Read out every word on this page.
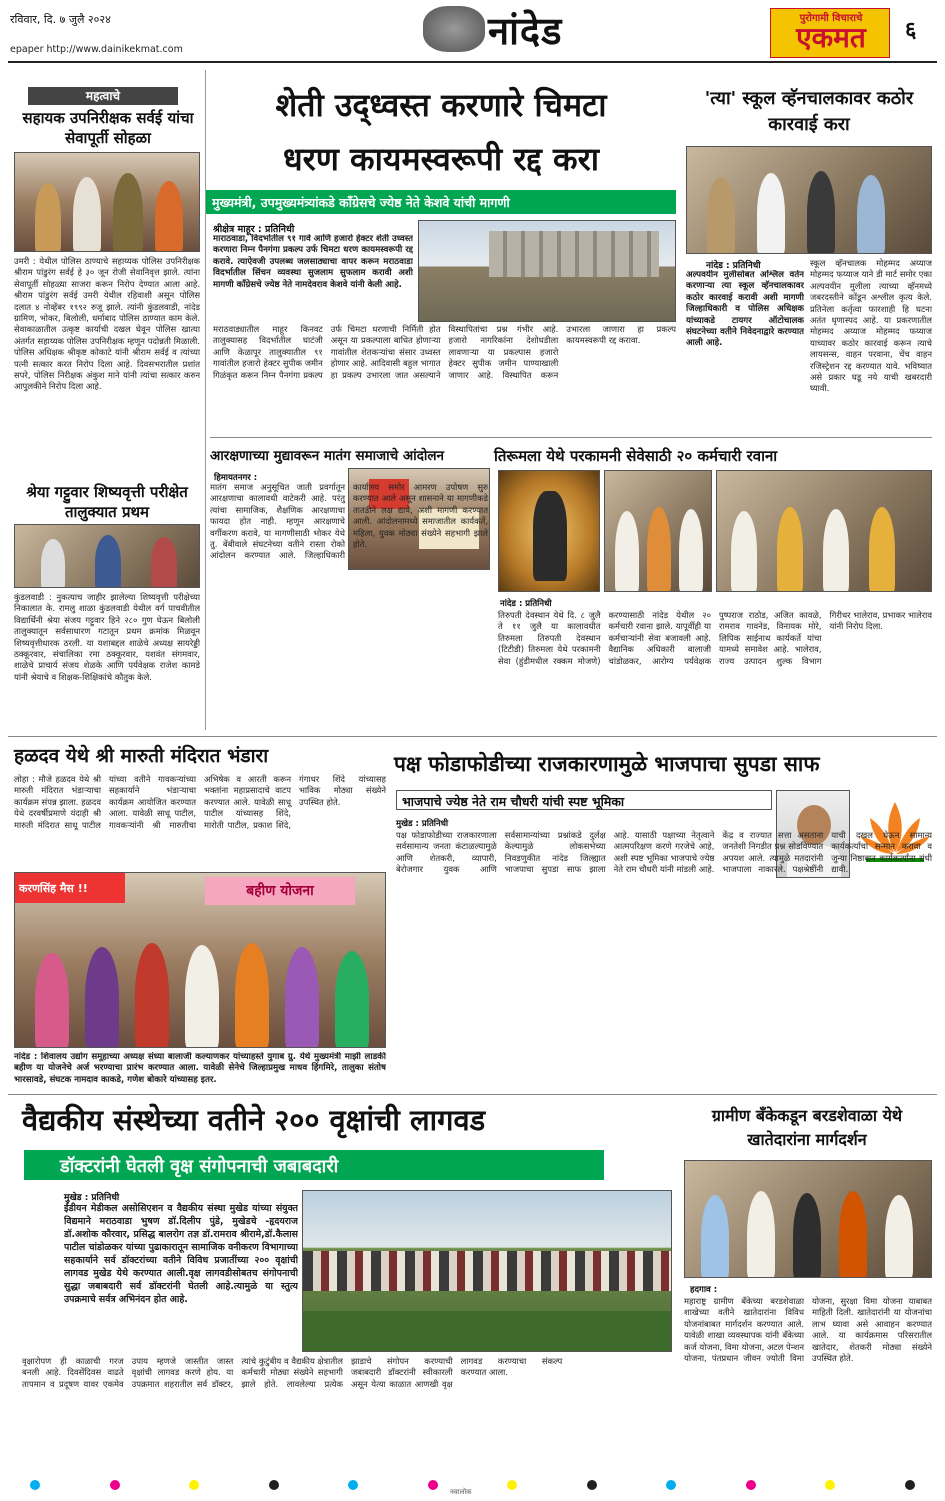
रविवार, दि. ७ जुलै २०२४
epaper http://www.dainikekmat.com	नांदेड	पुरोगामी विचाराचे
एकमत	६
महत्वाचे
सहायक उपनिरीक्षक सर्वई यांचा सेवापूर्ती सोहळा
उमरी : येथील पोलिस ठाण्याचे सहाय्यक पोलिस उपनिरीक्षक श्रीराम पांडुरंग सर्वई हे ३० जून रोजी सेवानिवृत्त झाले. त्यांना सेवापूर्ती सोहळ्या साजरा करून निरोप देण्यात आला आहे. श्रीराम पांडुरंग सर्वई उमरी येथील रहिवाशी असून पोलिस दलात ४ नोव्हेंबर १९९२ रुजू झाले. त्यांनी कुंडलवाडी, नांदेड ग्रामिण, भोकर, बिलोली, धर्माबाद पोलिस ठाण्यात काम केले. सेवाकाळातील उत्कृष्ट कार्याची दखल घेवून पोलिस खात्या अंतर्गत सहाय्यक पोलिस उपनिरीक्षक म्हणून पदोन्नती मिळाली. पोलिस अधिक्षक श्रीकृष्ट कोकाटे यांनी श्रीराम सर्वई व त्यांच्या पत्नी सत्कार करत निरोप दिला आहे. दिवसभरातील प्रशांत सपरे, पोलिस निरीक्षक अंकुश माने यांनी त्यांचा सत्कार करुन आपुलकीने निरोप दिला आहे.
श्रेया गट्टुवार शिष्यवृत्ती परीक्षेत तालुक्यात प्रथम
कुंडलवाडी : नुकत्याच जाहीर झालेल्या शिष्यवृत्ती परीक्षेच्या निकालात के. रामलु शाळा कुंडलवाडी येथील वर्ग पाचवीतील विद्यार्थिनी श्रेया संजय गट्टुवार हिने २८० गुण घेऊन बिलोली तालुक्यातून सर्वसाधारण गटातून प्रथम क्रमांक मिळवून शिष्यवृत्तीधारक ठरली. या यशाबद्दल शाळेचे अध्यक्ष सायरेड्डी ठक्कूरवार, संचालिका रमा ठक्कूरवार, यशवंत संगमवार, शाळेचे प्राचार्य संजय शेळके आणि पर्यवेक्षक राजेश कामडे यांनी श्रेयाचे व शिक्षक-शिक्षिकांचे कौतुक केले.
शेती उद्ध्वस्त करणारे चिमटा
धरण कायमस्वरूपी रद्द करा
मुख्यमंत्री, उपमुख्यमंत्र्यांकडे काँग्रेसचे ज्येष्ठ नेते केशवे यांची मागणी
श्रीक्षेत्र माहूर : प्रतिनिधी
माराठवाडा, विदर्भातील ९१ गावे आणि हजारो हेक्टर शेती उध्वस्त करणारा निम्न पैनगंगा प्रकल्प उर्फ चिमटा धरण कायमस्वरूपी रद्द करावे. त्याऐवजी उपलब्ध जलसाठ्याचा वापर करून मराठवाडा विदर्भातील सिंचन व्यवस्था सुजलाम सुफलाम करावी अशी मागणी काँग्रेसचे ज्येष्ठ नेते नामदेवराव केशवे यांनी केली आहे.
मराठवाड्यातील माहूर किनवट तालुक्यासह विदर्भातील घाटंजी आणि केळापूर तालुक्यातील ९१ गावांतील हजारो हेक्टर सुपीक जमीन गिळंकृत करून निम्न पैनगंगा प्रकल्प उर्फ चिमटा धरणाची निर्मिती होत असून या प्रकल्पाला बाधित होणाऱ्या गावांतील शेतकऱ्यांचा संसार उध्वस्त होणार आहे. आदिवासी बहुल भागात हा प्रकल्प उभारला जात असल्याने विस्थापितांचा प्रश्न गंभीर आहे. हजारो नागरिकांना देशोधडीला लावणाऱ्या या प्रकल्पास हजारो हेक्टर सुपीक जमीन पाण्याखाली जाणार आहे. विस्थापित करून उभारला जाणारा हा प्रकल्प कायमस्वरूपी रद्द करावा.
'त्या' स्कूल व्हॅनचालकावर कठोर कारवाई करा
नांदेड : प्रतिनिधी
अल्पवयीन मुलीसोबत अश्लिल वर्तन करणाऱ्या त्या स्कूल व्हॅनचालकावर कठोर कारवाई करावी अशी मागणी जिल्हाधिकारी व पोलिस अधिक्षक यांच्याकडे टायगर ऑटोचालक संघटनेच्या वतीने निवेदनाद्वारे करण्यात आली आहे.
स्कूल व्हॅनचालक मोहम्मद अय्याज मोहम्मद फय्याज याने डी मार्ट समोर एका अल्पवयीन मुलीला त्याच्या व्हॅनमध्ये जबरदस्तीने कोंडून अश्लील कृत्य केले. प्रतिनेला कर्तृत्वा फारशाही हि घटना अतंत धृणास्पद आहे. या प्रकरणातील मोहम्मद अय्याज मोहम्मद फय्याज याच्यावर कठोर कारवाई करून त्याचे लायसन्स, वाहन परवाना, चेंच वाहन रजिस्ट्रेशन रद्द करण्यात यावे. भविष्यात असे प्रकार घडू नये याची खबरदारी घ्यावी.
आरक्षणाच्या मुद्यावरून मातंग समाजाचे आंदोलन
हिमायतनगर :
मातंग समाज अनुसूचित जाती प्रवर्गातून आरक्षणाचा कालावधी वाटेकरी आहे. परंतु त्यांचा सामाजिक, शैक्षणिक आरक्षणाचा फायदा होत नाही. म्हणून आरक्षणाचे वर्गीकरण करावे, या मागणीसाठी भोकर येथे तु. बेंबीवाले संघटनेच्या वतीने रास्ता रोको आंदोलन करण्यात आले. जिल्हाधिकारी कार्यालय समोर आमरण उपोषण सुरु करण्यात आले असून शासनाने या मागणीकडे तातडीने लक्ष द्यावे, अशी मागणी करण्यात आली. आंदोलनामध्ये समाजातील कार्यकर्ते, महिला, युवक मोठ्या संख्येने सहभागी झाले होते.
तिरूमला येथे परकामनी सेवेसाठी २० कर्मचारी रवाना
नांदेड : प्रतिनिधी
तिरुपती देवस्थान येथे दि. ८ जुलै ते ११ जुलै या कालावधीत तिरुमला तिरुपती देवस्थान (टिटीडी) तिरुमला येथे परकामनी सेवा (हुंडीमधील रक्कम मोजणे) करण्यासाठी नांदेड येथील २० कर्मचारी रवाना झाले. यापूर्वीही या कर्मचाऱ्यांनी सेवा बजावली आहे. वैद्यानिक अधिकारी बालाजी चांडोळकर, आरोग्य पर्यवेक्षक पुष्पराज राठोड, अजित कावळे, रामराव गावनेड, विनायक मोरे, लिपिक साईनाथ कार्यकर्ते यांचा यामध्ये समावेश आहे. भालेराव, राज्य उत्पादन शुल्क विभाग गिरीधर भालेराव, प्रभाकर भालेराव यांनी निरोप दिला.
हळदव येथे श्री मारुती मंदिरात भंडारा
लोहा : मौजे हळदव येथे श्री मारुती मंदिरात भंडाऱ्याचा कार्यक्रम संपन्न झाला. हळदव येथे दरवर्षीप्रमाणे यंदाही श्री मारुती मंदिरात साधू पाटील यांच्या वतीने गावकऱ्यांच्या सहकार्याने भंडाऱ्याचा कार्यक्रम आयोजित करण्यात आला. यावेळी साधू पाटील, गावकऱ्यांनी श्री मारुतीचा अभिषेक व आरती करून भक्तांना महाप्रसादाचे वाटप करण्यात आले. यावेळी साधू पाटील यांच्यासह शिंदे, मारोती पाटील, प्रकाश शिंदे, गंगाधर शिंदे यांच्यासह भाविक मोठ्या संख्येने उपस्थित होते.
करणसिंह मैस !!	बहीण योजना
नांदेड : शिवालय उद्योग समूहाच्या अध्यक्ष संध्या बालाजी कल्याणकर यांच्याहस्ते युगाब ग्रु. येथे मुख्यमंत्री माझी लाडकी बहीण या योजनेचे अर्ज भरण्याचा प्रारंभ करण्यात आला. यावेळी सेनेचे जिल्हाप्रमुख माधव हिंगमिरे, तालुका संतोष भारसावडे, संघटक नामदाव काकडे, गणेश बोकारे यांच्यासह इतर.
पक्ष फोडाफोडीच्या राजकारणामुळे भाजपाचा सुपडा साफ
भाजपाचे ज्येष्ठ नेते राम चौधरी यांची स्पष्ट भूमिका
मुखेड : प्रतिनिधी
पक्ष फोडाफोडीच्या राजकारणाला सर्वसामान्य जनता कंटाळल्यामुळे आणि शेतकरी, व्यापारी, बेरोजगार युवक आणि सर्वसामान्यांच्या प्रश्नांकडे दुर्लक्ष केल्यामुळे लोकसभेच्या निवडणुकीत नांदेड जिल्ह्यात भाजपाचा सुपडा साफ झाला आहे. यासाठी पक्षाच्या नेतृत्वाने आत्मपरिक्षण करणे गरजेचे आहे, अशी स्पष्ट भूमिका भाजपाचे ज्येष्ठ नेते राम चौधरी यांनी मांडली आहे. केंद्र व राज्यात सत्ता असताना जनतेशी निगडीत प्रश्न सोडविण्यात अपयश आले. त्यामुळे मतदारांनी भाजपाला नाकारले. पक्षश्रेष्ठींनी याची दखल घेऊन सामान्य कार्यकर्त्यांचा सन्मान करावा व जुन्या निष्ठावान कार्यकर्त्यांना संधी द्यावी.
वैद्यकीय संस्थेच्या वतीने २०० वृक्षांची लागवड
डॉक्टरांनी घेतली वृक्ष संगोपनाची जबाबदारी
मुखेड : प्रतिनिधी
ईंडीयन मेडीकल असोसिएशन व वैद्यकीय संस्था मुखेड यांच्या संयुक्त विद्यमाने मराठवाडा भुषण डॉ.दिलीप पुंडे, मुखेडचे -हृदयराज डॉ.अशोक कौरवार, प्रसिद्ध बालरोग तज्ञ डॉ.रामराव श्रीरामे,डॉ.कैलास पाटील चांडोळकर यांच्या पुढाकारातून सामाजिक वनीकरण विभागाच्या सहकार्याने सर्व डॉक्टरांच्या वतीने विविध प्रजातींच्या २०० वृक्षांची लागवड मुखेड येथे करण्यात आली.वृक्ष लागवडीसोबतच संगोपनाची सुद्धा जबाबदारी सर्व डॉक्टरांनी घेतली आहे.त्यामुळे या स्तुत्य उपक्रमाचे सर्वत्र अभिनंदन होत आहे.
वृक्षारोपण ही काळाची गरज बनली आहे. दिवसेंदिवस वाढते तापमान व प्रदूषण यावर एकमेव उपाय म्हणजे जास्तीत जास्त वृक्षांची लागवड करणे होय. या उपक्रमात शहरातील सर्व डॉक्टर, त्यांचे कुटुंबीय व वैद्यकीय क्षेत्रातील कर्मचारी मोठ्या संख्येने सहभागी झाले होते. लावलेल्या प्रत्येक झाडाचे संगोपन करण्याची जबाबदारी डॉक्टरांनी स्वीकारली असून येत्या काळात आणखी वृक्ष लागवड करण्याचा संकल्प करण्यात आला.
ग्रामीण बँकेकडून बरडशेवाळा येथे खातेदारांना मार्गदर्शन
हदगाव :
महाराष्ट्र ग्रामीण बँकेच्या बरडशेवाळा शाखेच्या वतीने खातेदारांना विविध योजनांबाबत मार्गदर्शन करण्यात आले. यावेळी शाखा व्यवस्थापक यांनी बँकेच्या कर्ज योजना, विमा योजना, अटल पेन्शन योजना, पंतप्रधान जीवन ज्योती विमा योजना, सुरक्षा विमा योजना याबाबत माहिती दिली. खातेदारांनी या योजनांचा लाभ घ्यावा असे आवाहन करण्यात आले. या कार्यक्रमास परिसरातील खातेदार, शेतकरी मोठ्या संख्येने उपस्थित होते.
नवालोक
